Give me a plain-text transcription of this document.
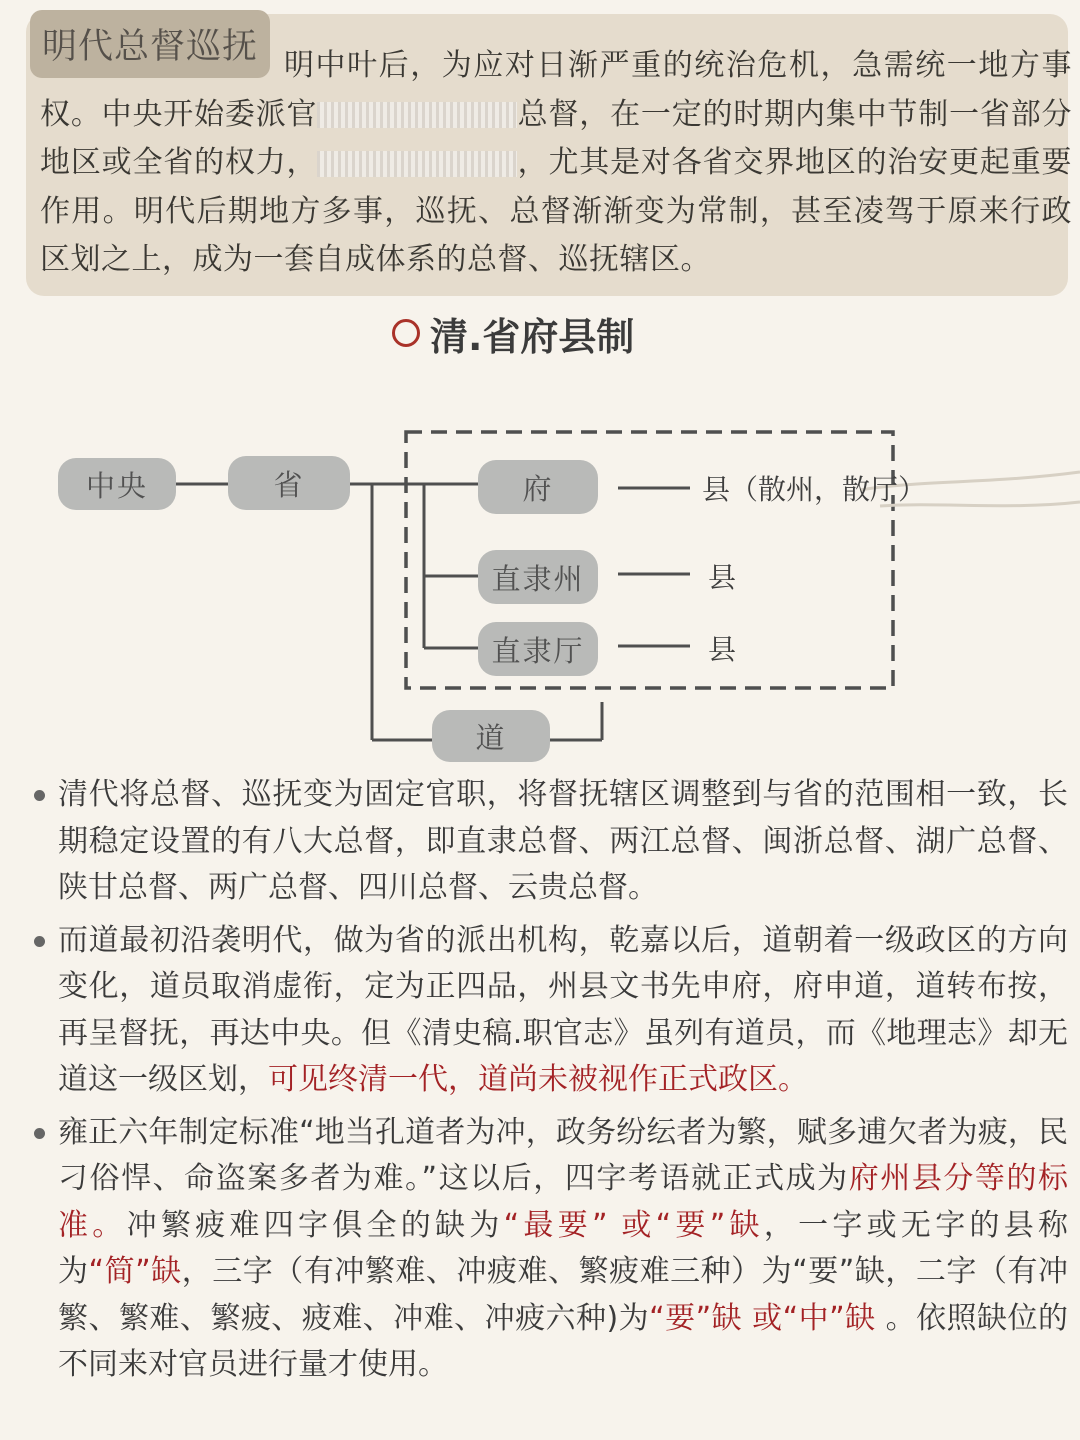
明代总督巡抚 明中叶后，为应对日渐严重的统治危机，急需统一地方事权。中央开始委派官	总督，在一定的时期内集中节制一省部分地区或全省的权力，	，尤其是对各省交界地区的治安更起重要作用。明代后期地方多事，巡抚、总督渐渐变为常制，甚至凌驾于原来行政区划之上，成为一套自成体系的总督、巡抚辖区。
清.省府县制
中央	省	府
直隶州
直隶厅
道
县（散州，散厅）
县
县

清代将总督、巡抚变为固定官职，将督抚辖区调整到与省的范围相一致，长期稳定设置的有八大总督，即直隶总督、两江总督、闽浙总督、湖广总督、陕甘总督、两广总督、四川总督、云贵总督。

而道最初沿袭明代，做为省的派出机构，乾嘉以后，道朝着一级政区的方向变化，道员取消虚衔，定为正四品，州县文书先申府，府申道，道转布按，再呈督抚，再达中央。但《清史稿.职官志》虽列有道员，而《地理志》却无道这一级区划，可见终清一代，道尚未被视作正式政区。

雍正六年制定标准“地当孔道者为冲，政务纷纭者为繁，赋多逋欠者为疲，民刁俗悍、命盗案多者为难。”这以后，四字考语就正式成为府州县分等的标准。冲繁疲难四字俱全的缺为“最要” 或“要”缺，一字或无字的县称为“简”缺，三字（有冲繁难、冲疲难、繁疲难三种）为“要”缺，二字（有冲繁、繁难、繁疲、疲难、冲难、冲疲六种)为“要”缺 或“中”缺 。依照缺位的不同来对官员进行量才使用。
